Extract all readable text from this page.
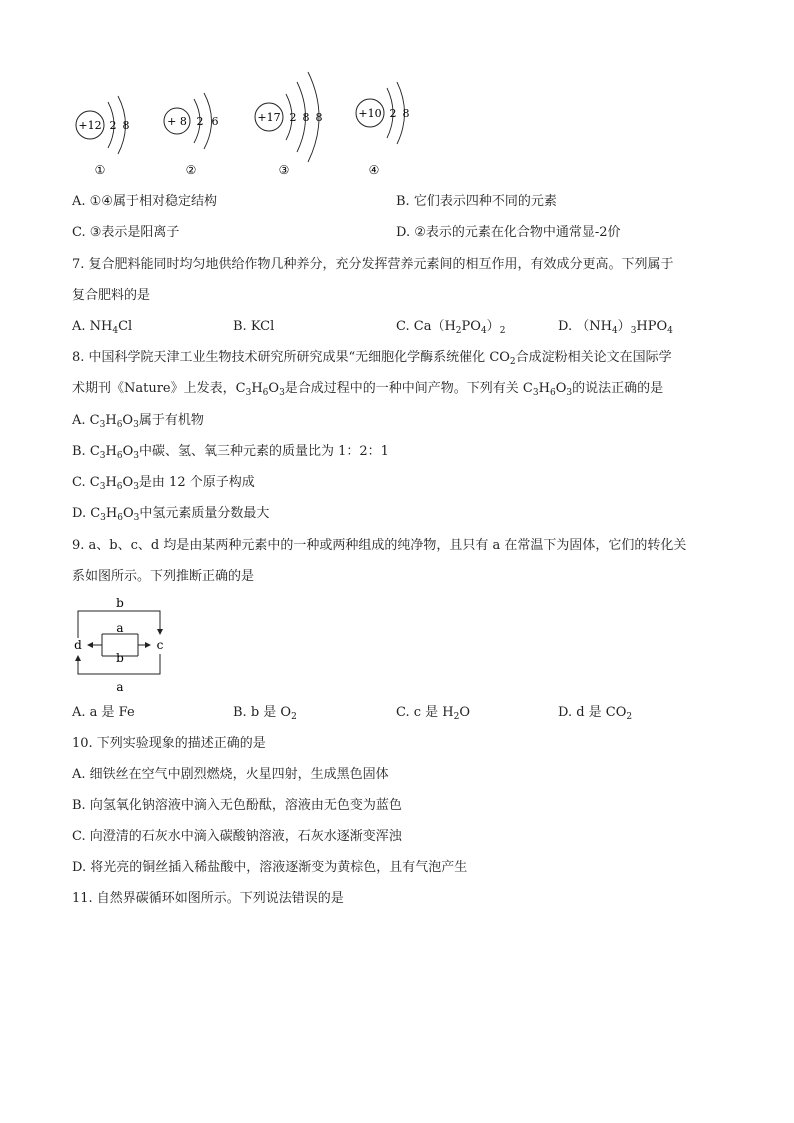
+12 2 8
①
+ 8 2 6
②
+17 2 8 8
③
+10
④
2 8
A. ①④属于相对稳定结构	B. 它们表示四种不同的元素
C. ③表示是阳离子	D. ②表示的元素在化合物中通常显-2价
7. 复合肥料能同时均匀地供给作物几种养分，充分发挥营养元素间的相互作用，有效成分更高。下列属于
复合肥料的是
A. $NH_4Cl$	B. KCl	C. $Ca(H_2PO_4)_2$	D. $(NH_4)_3HPO_4$
8. 中国科学院天津工业生物技术研究所研究成果“无细胞化学酶系统催化 $CO_2$合成淀粉相关论文在国际学
术期刊《Nature》上发表，$C_3H_6O_3$是合成过程中的一种中间产物。下列有关 $C_3H_6O_3$的说法正确的是
A. $C_3H_6O_3$属于有机物
B. $C_3H_6O_3$中碳、氢、氧三种元素的质量比为 1：2：1
C. $C_3H_6O_3$是由 12 个原子构成
D. $C_3H_6O_3$中氢元素质量分数最大
9. a、b、c、d 均是由某两种元素中的一种或两种组成的纯净物，且只有 a 在常温下为固体，它们的转化关
系如图所示。下列推断正确的是
b
a
b
d	c
a
A. a 是 Fe	B. b 是 $O_2$	C. c 是 $H_2O$	D. d 是 $CO_2$
10. 下列实验现象的描述正确的是
A. 细铁丝在空气中剧烈燃烧，火星四射，生成黑色固体
B. 向氢氧化钠溶液中滴入无色酚酞，溶液由无色变为蓝色
C. 向澄清的石灰水中滴入碳酸钠溶液，石灰水逐渐变浑浊
D. 将光亮的铜丝插入稀盐酸中，溶液逐渐变为黄棕色，且有气泡产生
11. 自然界碳循环如图所示。下列说法错误的是
